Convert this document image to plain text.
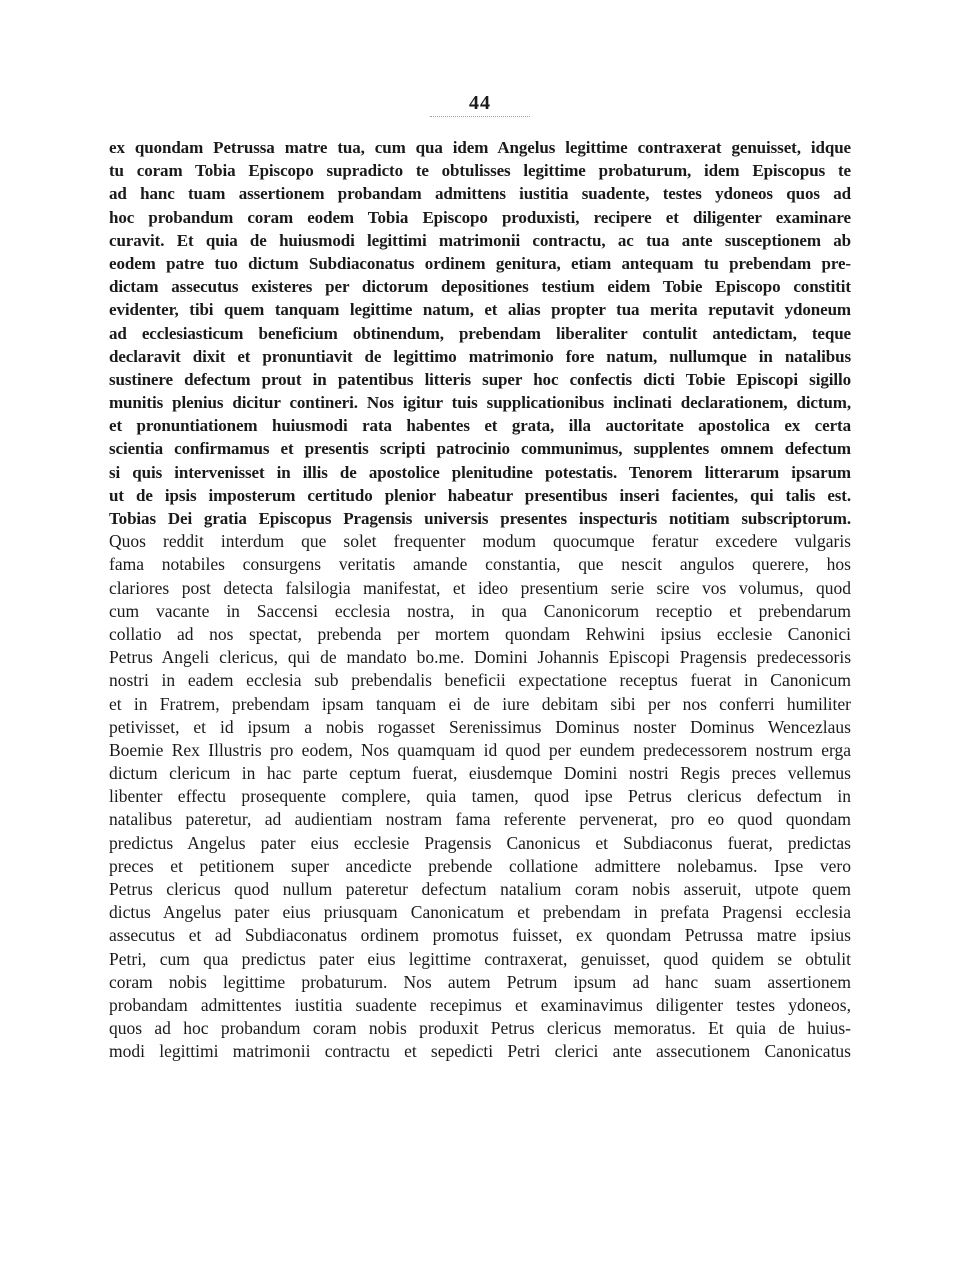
44
ex quondam Petrussa matre tua, cum qua idem Angelus legittime contraxerat genuisset, idque
tu coram Tobia Episcopo supradicto te obtulisses legittime probaturum, idem Episcopus te
ad hanc tuam assertionem probandam admittens iustitia suadente, testes ydoneos quos ad
hoc probandum coram eodem Tobia Episcopo produxisti, recipere et diligenter examinare
curavit. Et quia de huiusmodi legittimi matrimonii contractu, ac tua ante susceptionem ab
eodem patre tuo dictum Subdiaconatus ordinem genitura, etiam antequam tu prebendam pre-
dictam assecutus existeres per dictorum depositiones testium eidem Tobie Episcopo constitit
evidenter, tibi quem tanquam legittime natum, et alias propter tua merita reputavit ydoneum
ad ecclesiasticum beneficium obtinendum, prebendam liberaliter contulit antedictam, teque
declaravit dixit et pronuntiavit de legittimo matrimonio fore natum, nullumque in natalibus
sustinere defectum prout in patentibus litteris super hoc confectis dicti Tobie Episcopi sigillo
munitis plenius dicitur contineri. Nos igitur tuis supplicationibus inclinati declarationem, dictum,
et pronuntiationem huiusmodi rata habentes et grata, illa auctoritate apostolica ex certa
scientia confirmamus et presentis scripti patrocinio communimus, supplentes omnem defectum
si quis intervenisset in illis de apostolice plenitudine potestatis. Tenorem litterarum ipsarum
ut de ipsis imposterum certitudo plenior habeatur presentibus inseri facientes, qui talis est.
Tobias Dei gratia Episcopus Pragensis universis presentes inspecturis notitiam subscriptorum.
Quos reddit interdum que solet frequenter modum quocumque feratur excedere vulgaris
fama notabiles consurgens veritatis amande constantia, que nescit angulos querere, hos
clariores post detecta falsilogia manifestat, et ideo presentium serie scire vos volumus, quod
cum vacante in Saccensi ecclesia nostra, in qua Canonicorum receptio et prebendarum
collatio ad nos spectat, prebenda per mortem quondam Rehwini ipsius ecclesie Canonici
Petrus Angeli clericus, qui de mandato bo.me. Domini Johannis Episcopi Pragensis predecessoris
nostri in eadem ecclesia sub prebendalis beneficii expectatione receptus fuerat in Canonicum
et in Fratrem, prebendam ipsam tanquam ei de iure debitam sibi per nos conferri humiliter
petivisset, et id ipsum a nobis rogasset Serenissimus Dominus noster Dominus Wencezlaus
Boemie Rex Illustris pro eodem, Nos quamquam id quod per eundem predecessorem nostrum erga
dictum clericum in hac parte ceptum fuerat, eiusdemque Domini nostri Regis preces vellemus
libenter effectu prosequente complere, quia tamen, quod ipse Petrus clericus defectum in
natalibus pateretur, ad audientiam nostram fama referente pervenerat, pro eo quod quondam
predictus Angelus pater eius ecclesie Pragensis Canonicus et Subdiaconus fuerat, predictas
preces et petitionem super ancedicte prebende collatione admittere nolebamus. Ipse vero
Petrus clericus quod nullum pateretur defectum natalium coram nobis asseruit, utpote quem
dictus Angelus pater eius priusquam Canonicatum et prebendam in prefata Pragensi ecclesia
assecutus et ad Subdiaconatus ordinem promotus fuisset, ex quondam Petrussa matre ipsius
Petri, cum qua predictus pater eius legittime contraxerat, genuisset, quod quidem se obtulit
coram nobis legittime probaturum. Nos autem Petrum ipsum ad hanc suam assertionem
probandam admittentes iustitia suadente recepimus et examinavimus diligenter testes ydoneos,
quos ad hoc probandum coram nobis produxit Petrus clericus memoratus. Et quia de huius-
modi legittimi matrimonii contractu et sepedicti Petri clerici ante assecutionem Canonicatus
